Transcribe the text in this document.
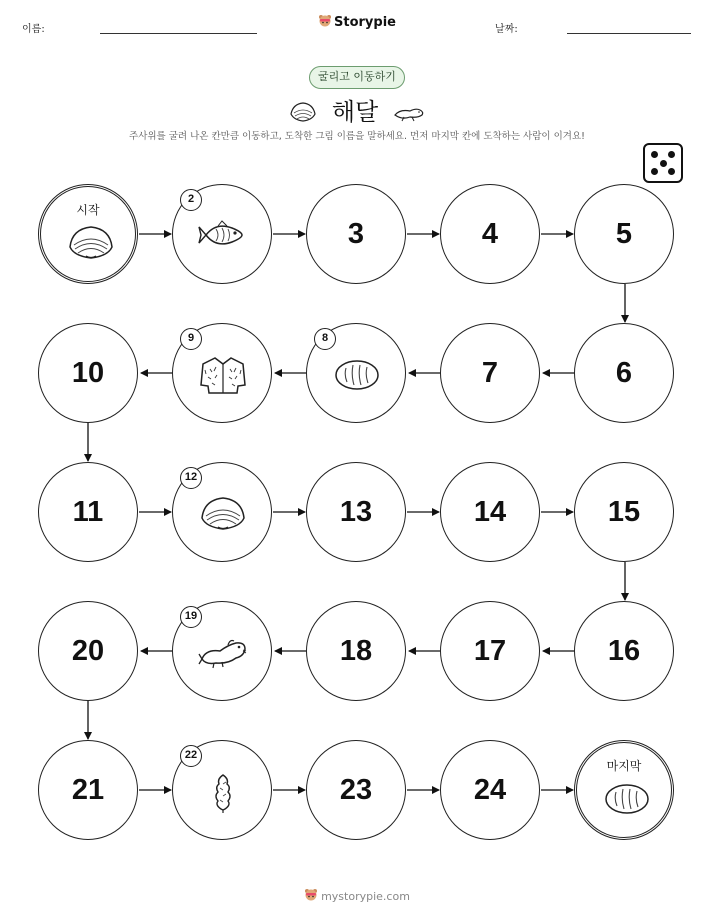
이름:	Storypie	날짜:
굴리고 이동하기
해달
주사위를 굴려 나온 칸만큼 이동하고, 도착한 그림 이름을 말하세요. 먼저 마지막 칸에 도착하는 사람이 이겨요!
시작
2
3	4	5
6
7
8
9
10
11
12
13	14	15
16
17
18
19
20
21
22
23	24
마지막
mystorypie.com
